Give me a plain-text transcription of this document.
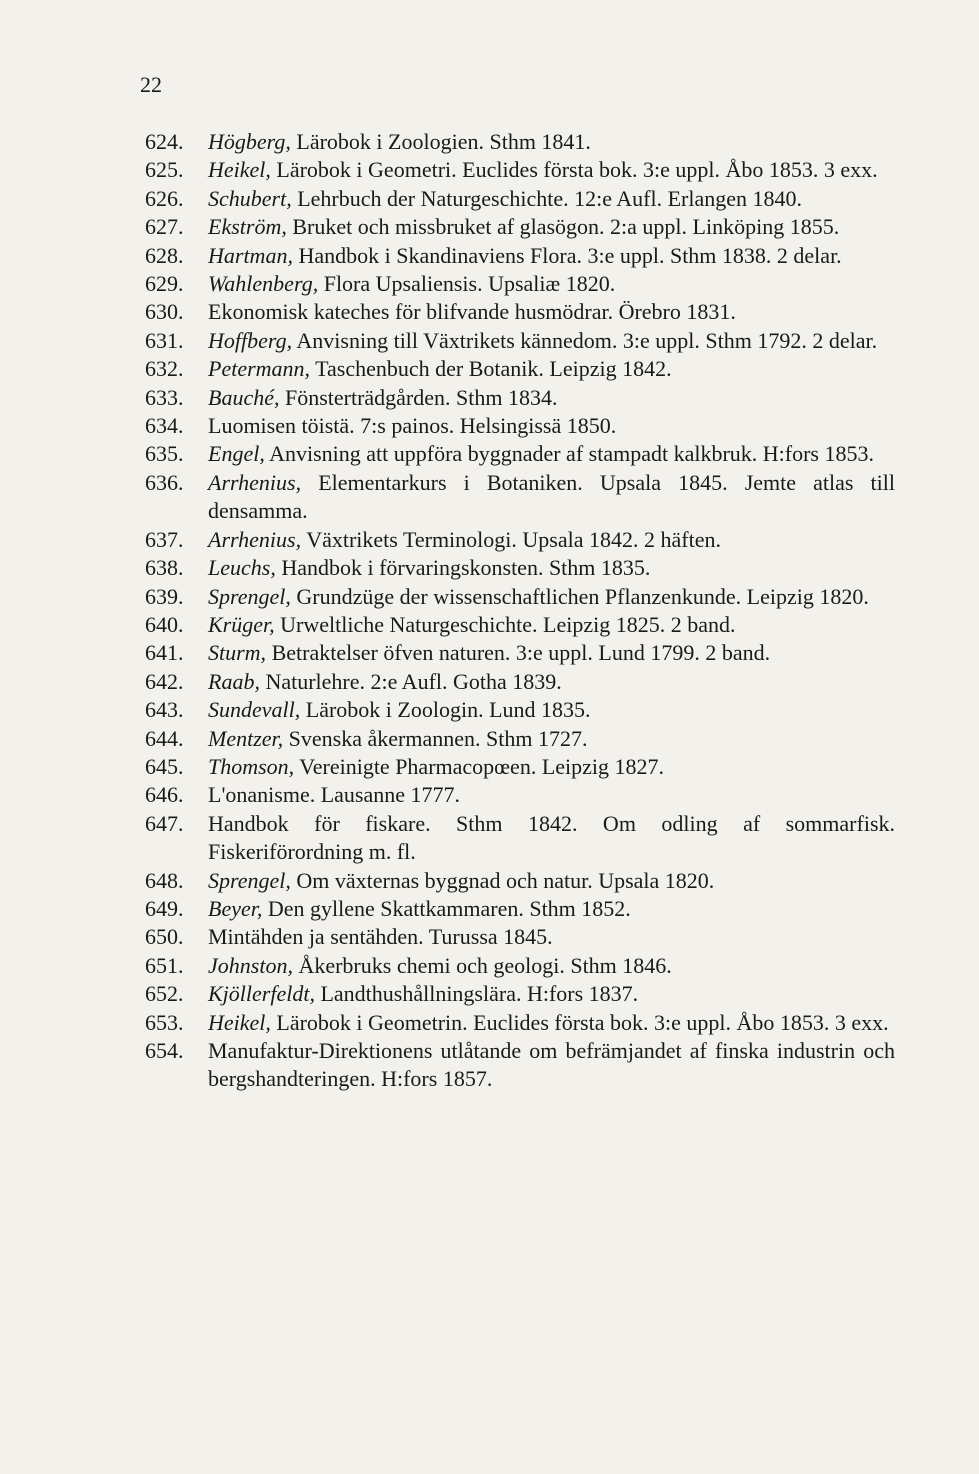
22
624.	Högberg, Lärobok i Zoologien. Sthm 1841.
625.	Heikel, Lärobok i Geometri. Euclides första bok. 3:e uppl. Åbo 1853. 3 exx.
626.	Schubert, Lehrbuch der Naturgeschichte. 12:e Aufl. Erlangen 1840.
627.	Ekström, Bruket och missbruket af glasögon. 2:a uppl. Linköping 1855.
628.	Hartman, Handbok i Skandinaviens Flora. 3:e uppl. Sthm 1838. 2 delar.
629.	Wahlenberg, Flora Upsaliensis. Upsaliæ 1820.
630.	Ekonomisk kateches för blifvande husmödrar. Örebro 1831.
631.	Hoffberg, Anvisning till Växtrikets kännedom. 3:e uppl. Sthm 1792. 2 delar.
632.	Petermann, Taschenbuch der Botanik. Leipzig 1842.
633.	Bauché, Fönsterträdgården. Sthm 1834.
634.	Luomisen töistä. 7:s painos. Helsingissä 1850.
635.	Engel, Anvisning att uppföra byggnader af stampadt kalkbruk. H:fors 1853.
636.	Arrhenius, Elementarkurs i Botaniken. Upsala 1845. Jemte atlas till densamma.
637.	Arrhenius, Växtrikets Terminologi. Upsala 1842. 2 häften.
638.	Leuchs, Handbok i förvaringskonsten. Sthm 1835.
639.	Sprengel, Grundzüge der wissenschaftlichen Pflanzenkunde. Leipzig 1820.
640.	Krüger, Urweltliche Naturgeschichte. Leipzig 1825. 2 band.
641.	Sturm, Betraktelser öfven naturen. 3:e uppl. Lund 1799. 2 band.
642.	Raab, Naturlehre. 2:e Aufl. Gotha 1839.
643.	Sundevall, Lärobok i Zoologin. Lund 1835.
644.	Mentzer, Svenska åkermannen. Sthm 1727.
645.	Thomson, Vereinigte Pharmacopœen. Leipzig 1827.
646.	L'onanisme. Lausanne 1777.
647.	Handbok för fiskare. Sthm 1842. Om odling af sommarfisk. Fiskeriförordning m. fl.
648.	Sprengel, Om växternas byggnad och natur. Upsala 1820.
649.	Beyer, Den gyllene Skattkammaren. Sthm 1852.
650.	Mintähden ja sentähden. Turussa 1845.
651.	Johnston, Åkerbruks chemi och geologi. Sthm 1846.
652.	Kjöllerfeldt, Landthushållningslära. H:fors 1837.
653.	Heikel, Lärobok i Geometrin. Euclides första bok. 3:e uppl. Åbo 1853. 3 exx.
654.	Manufaktur-Direktionens utlåtande om befrämjandet af finska industrin och bergshandteringen. H:fors 1857.
